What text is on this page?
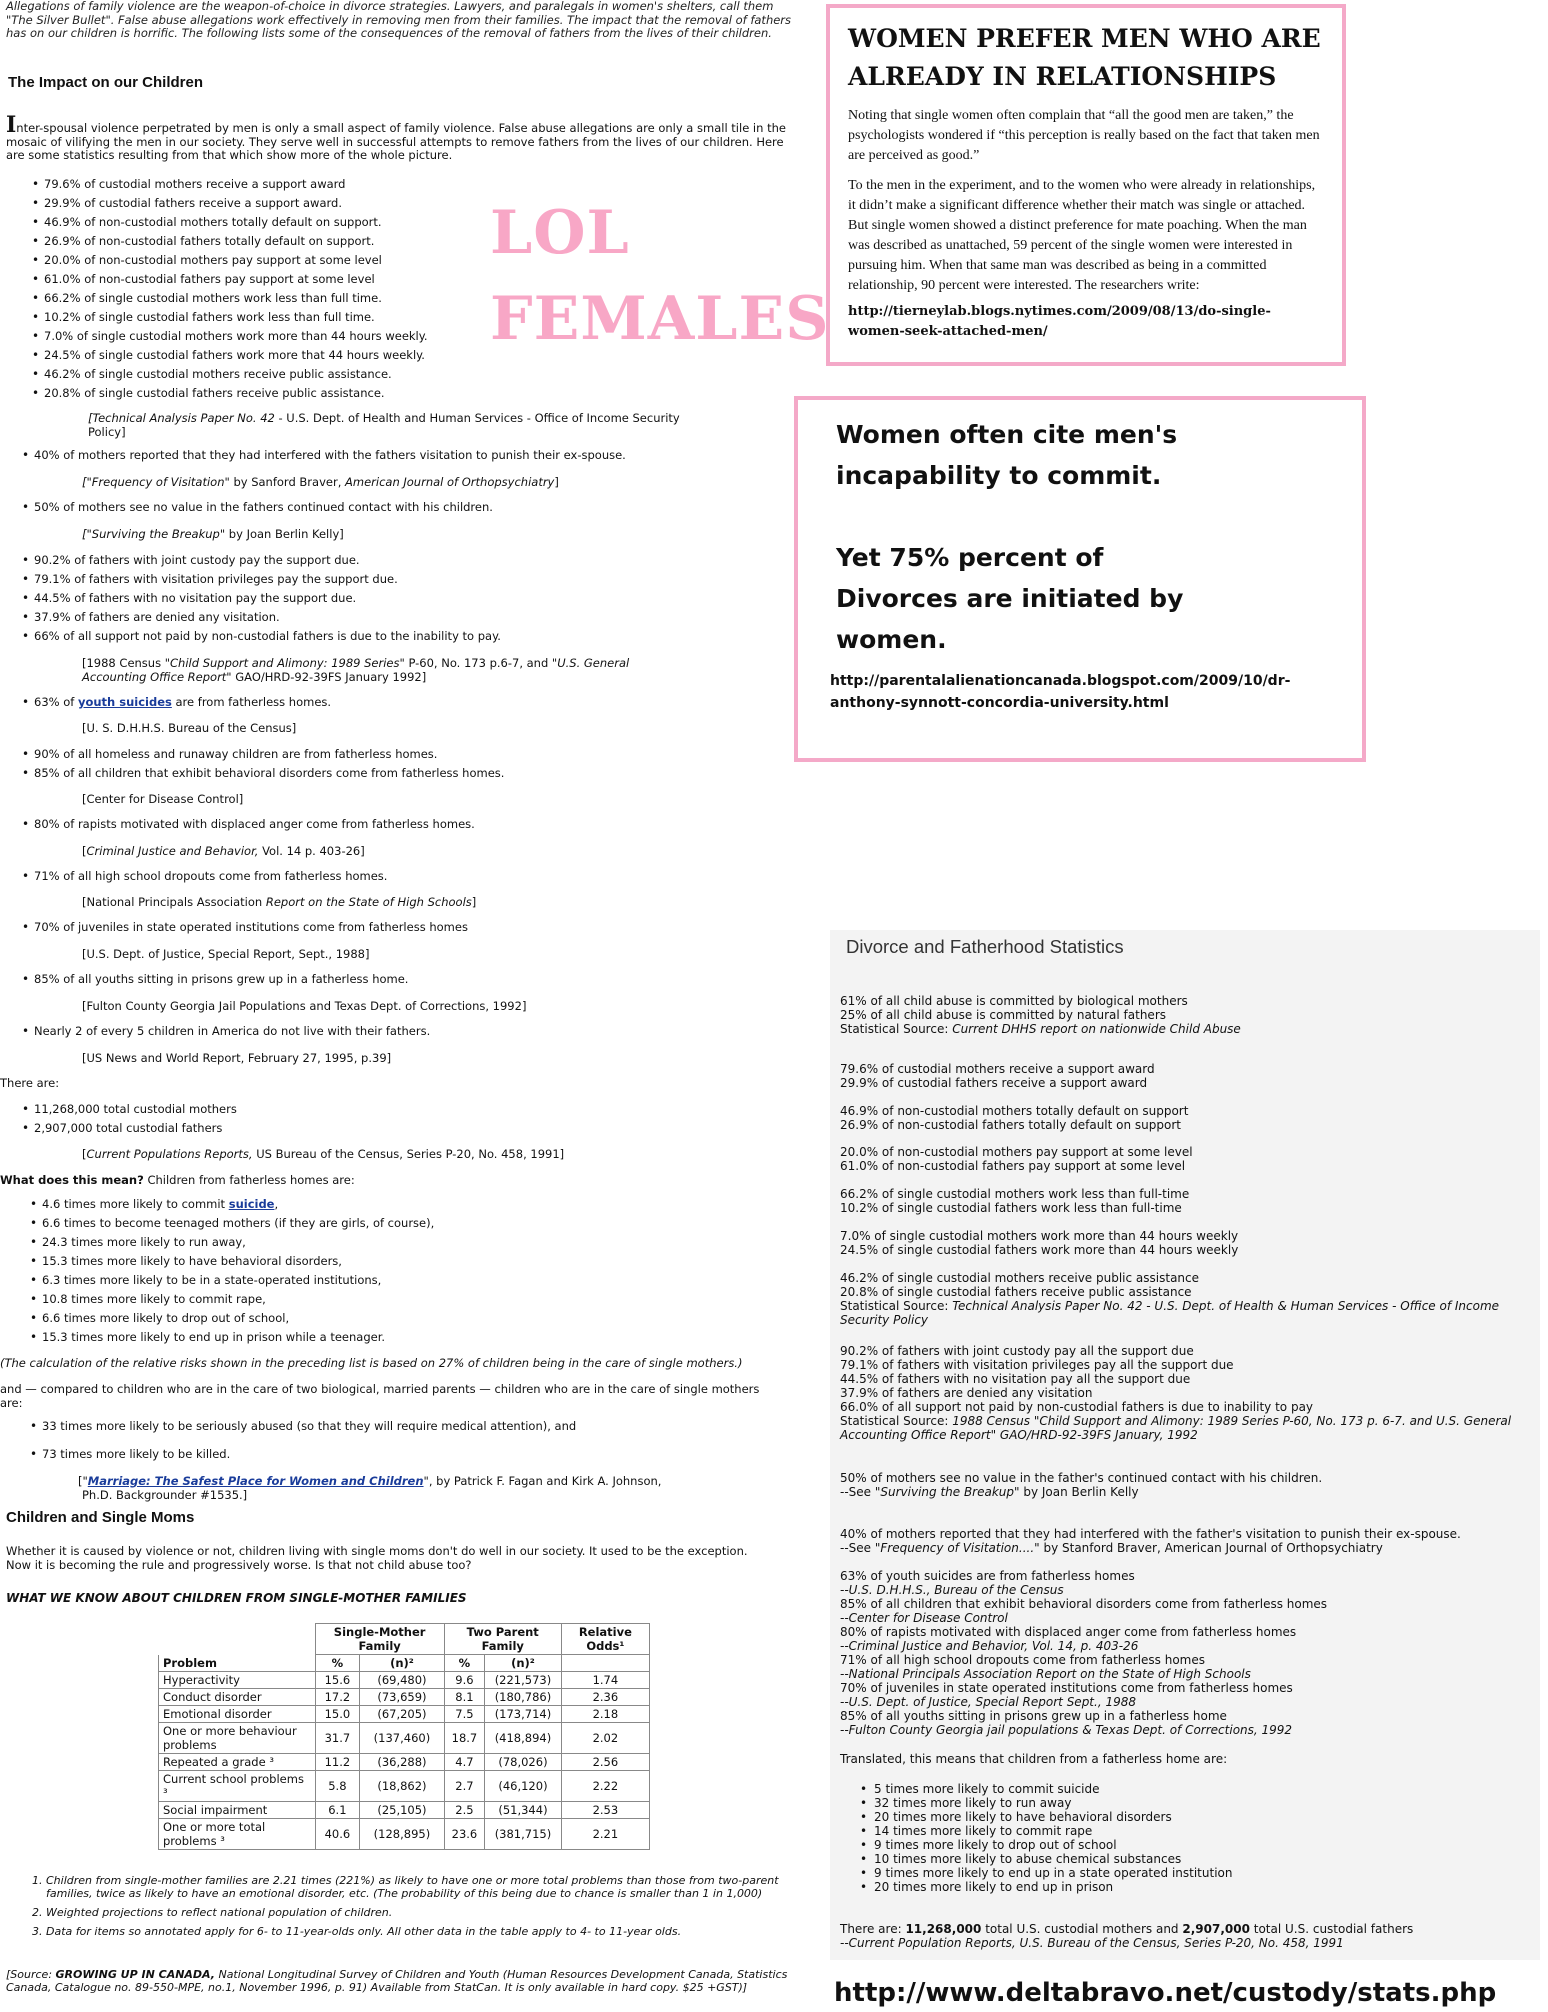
Allegations of family violence are the weapon-of-choice in divorce strategies. Lawyers, and paralegals in women's shelters, call them "The Silver Bullet". False abuse allegations work effectively in removing men from their families. The impact that the removal of fathers has on our children is horrific. The following lists some of the consequences of the removal of fathers from the lives of their children.
The Impact on our Children
Inter-spousal violence perpetrated by men is only a small aspect of family violence. False abuse allegations are only a small tile in the mosaic of vilifying the men in our society. They serve well in successful attempts to remove fathers from the lives of our children. Here are some statistics resulting from that which show more of the whole picture.
• 79.6% of custodial mothers receive a support award
• 29.9% of custodial fathers receive a support award.
• 46.9% of non-custodial mothers totally default on support.
• 26.9% of non-custodial fathers totally default on support.
• 20.0% of non-custodial mothers pay support at some level
• 61.0% of non-custodial fathers pay support at some level
• 66.2% of single custodial mothers work less than full time.
• 10.2% of single custodial fathers work less than full time.
• 7.0% of single custodial mothers work more than 44 hours weekly.
• 24.5% of single custodial fathers work more that 44 hours weekly.
• 46.2% of single custodial mothers receive public assistance.
• 20.8% of single custodial fathers receive public assistance.
[Technical Analysis Paper No. 42 - U.S. Dept. of Health and Human Services - Office of Income Security
Policy]
• 40% of mothers reported that they had interfered with the fathers visitation to punish their ex-spouse.
["Frequency of Visitation" by Sanford Braver, American Journal of Orthopsychiatry]
• 50% of mothers see no value in the fathers continued contact with his children.
["Surviving the Breakup" by Joan Berlin Kelly]
• 90.2% of fathers with joint custody pay the support due.
• 79.1% of fathers with visitation privileges pay the support due.
• 44.5% of fathers with no visitation pay the support due.
• 37.9% of fathers are denied any visitation.
• 66% of all support not paid by non-custodial fathers is due to the inability to pay.
[1988 Census "Child Support and Alimony: 1989 Series" P-60, No. 173 p.6-7, and "U.S. General
Accounting Office Report" GAO/HRD-92-39FS January 1992]
• 63% of youth suicides are from fatherless homes.
[U. S. D.H.H.S. Bureau of the Census]
• 90% of all homeless and runaway children are from fatherless homes.
• 85% of all children that exhibit behavioral disorders come from fatherless homes.
[Center for Disease Control]
• 80% of rapists motivated with displaced anger come from fatherless homes.
[Criminal Justice and Behavior, Vol. 14 p. 403-26]
• 71% of all high school dropouts come from fatherless homes.
[National Principals Association Report on the State of High Schools]
• 70% of juveniles in state operated institutions come from fatherless homes
[U.S. Dept. of Justice, Special Report, Sept., 1988]
• 85% of all youths sitting in prisons grew up in a fatherless home.
[Fulton County Georgia Jail Populations and Texas Dept. of Corrections, 1992]
• Nearly 2 of every 5 children in America do not live with their fathers.
[US News and World Report, February 27, 1995, p.39]
There are:
• 11,268,000 total custodial mothers
• 2,907,000 total custodial fathers
[Current Populations Reports, US Bureau of the Census, Series P-20, No. 458, 1991]
What does this mean? Children from fatherless homes are:
• 4.6 times more likely to commit suicide,
• 6.6 times to become teenaged mothers (if they are girls, of course),
• 24.3 times more likely to run away,
• 15.3 times more likely to have behavioral disorders,
• 6.3 times more likely to be in a state-operated institutions,
• 10.8 times more likely to commit rape,
• 6.6 times more likely to drop out of school,
• 15.3 times more likely to end up in prison while a teenager.
(The calculation of the relative risks shown in the preceding list is based on 27% of children being in the care of single mothers.)
and — compared to children who are in the care of two biological, married parents — children who are in the care of single mothers are:
• 33 times more likely to be seriously abused (so that they will require medical attention), and
• 73 times more likely to be killed.
["Marriage: The Safest Place for Women and Children", by Patrick F. Fagan and Kirk A. Johnson,
Ph.D. Backgrounder #1535.]
Children and Single Moms
Whether it is caused by violence or not, children living with single moms don't do well in our society. It used to be the exception. Now it is becoming the rule and progressively worse. Is that not child abuse too?
WHAT WE KNOW ABOUT CHILDREN FROM SINGLE-MOTHER FAMILIES
	Single-Mother Family		Two Parent Family		Relative Odds¹
Problem	%	(n)²	%	(n)²	
Hyperactivity	15.6	(69,480)	9.6	(221,573)	1.74
Conduct disorder	17.2	(73,659)	8.1	(180,786)	2.36
Emotional disorder	15.0	(67,205)	7.5	(173,714)	2.18
One or more behaviour problems	31.7	(137,460)	18.7	(418,894)	2.02
Repeated a grade ³	11.2	(36,288)	4.7	(78,026)	2.56
Current school problems ³	5.8	(18,862)	2.7	(46,120)	2.22
Social impairment	6.1	(25,105)	2.5	(51,344)	2.53
One or more total problems ³	40.6	(128,895)	23.6	(381,715)	2.21
1. Children from single-mother families are 2.21 times (221%) as likely to have one or more total problems than those from two-parent families, twice as likely to have an emotional disorder, etc. (The probability of this being due to chance is smaller than 1 in 1,000)
2. Weighted projections to reflect national population of children.
3. Data for items so annotated apply for 6- to 11-year-olds only. All other data in the table apply to 4- to 11-year olds.
[Source: GROWING UP IN CANADA, National Longitudinal Survey of Children and Youth (Human Resources Development Canada, Statistics Canada, Catalogue no. 89-550-MPE, no.1, November 1996, p. 91) Available from StatCan. It is only available in hard copy. $25 +GST)]
LOL
FEMALES
WOMEN PREFER MEN WHO ARE ALREADY IN RELATIONSHIPS

Noting that single women often complain that “all the good men are taken,” the psychologists wondered if “this perception is really based on the fact that taken men are perceived as good.”

To the men in the experiment, and to the women who were already in relationships, it didn’t make a significant difference whether their match was single or attached. But single women showed a distinct preference for mate poaching. When the man was described as unattached, 59 percent of the single women were interested in pursuing him. When that same man was described as being in a committed relationship, 90 percent were interested. The researchers write:

http://tierneylab.blogs.nytimes.com/2009/08/13/do-single-women-seek-attached-men/
Women often cite men's
incapability to commit.
Yet 75% percent of
Divorces are initiated by
women.
http://parentalalienationcanada.blogspot.com/2009/10/dr-
anthony-synnott-concordia-university.html
Divorce and Fatherhood Statistics
61% of all child abuse is committed by biological mothers
25% of all child abuse is committed by natural fathers
Statistical Source: Current DHHS report on nationwide Child Abuse
79.6% of custodial mothers receive a support award
29.9% of custodial fathers receive a support award
46.9% of non-custodial mothers totally default on support
26.9% of non-custodial fathers totally default on support
20.0% of non-custodial mothers pay support at some level
61.0% of non-custodial fathers pay support at some level
66.2% of single custodial mothers work less than full-time
10.2% of single custodial fathers work less than full-time
7.0% of single custodial mothers work more than 44 hours weekly
24.5% of single custodial fathers work more than 44 hours weekly
46.2% of single custodial mothers receive public assistance
20.8% of single custodial fathers receive public assistance
Statistical Source: Technical Analysis Paper No. 42 - U.S. Dept. of Health & Human Services - Office of Income Security Policy
90.2% of fathers with joint custody pay all the support due
79.1% of fathers with visitation privileges pay all the support due
44.5% of fathers with no visitation pay all the support due
37.9% of fathers are denied any visitation
66.0% of all support not paid by non-custodial fathers is due to inability to pay
Statistical Source: 1988 Census "Child Support and Alimony: 1989 Series P-60, No. 173 p. 6-7. and U.S. General Accounting Office Report" GAO/HRD-92-39FS January, 1992
50% of mothers see no value in the father's continued contact with his children.
--See "Surviving the Breakup" by Joan Berlin Kelly
40% of mothers reported that they had interfered with the father's visitation to punish their ex-spouse.
--See "Frequency of Visitation...." by Stanford Braver, American Journal of Orthopsychiatry
63% of youth suicides are from fatherless homes
--U.S. D.H.H.S., Bureau of the Census
85% of all children that exhibit behavioral disorders come from fatherless homes
--Center for Disease Control
80% of rapists motivated with displaced anger come from fatherless homes
--Criminal Justice and Behavior, Vol. 14, p. 403-26
71% of all high school dropouts come from fatherless homes
--National Principals Association Report on the State of High Schools
70% of juveniles in state operated institutions come from fatherless homes
--U.S. Dept. of Justice, Special Report Sept., 1988
85% of all youths sitting in prisons grew up in a fatherless home
--Fulton County Georgia jail populations & Texas Dept. of Corrections, 1992
Translated, this means that children from a fatherless home are:
• 5 times more likely to commit suicide
• 32 times more likely to run away
• 20 times more likely to have behavioral disorders
• 14 times more likely to commit rape
• 9 times more likely to drop out of school
• 10 times more likely to abuse chemical substances
• 9 times more likely to end up in a state operated institution
• 20 times more likely to end up in prison
There are: 11,268,000 total U.S. custodial mothers and 2,907,000 total U.S. custodial fathers
--Current Population Reports, U.S. Bureau of the Census, Series P-20, No. 458, 1991
http://www.deltabravo.net/custody/stats.php
